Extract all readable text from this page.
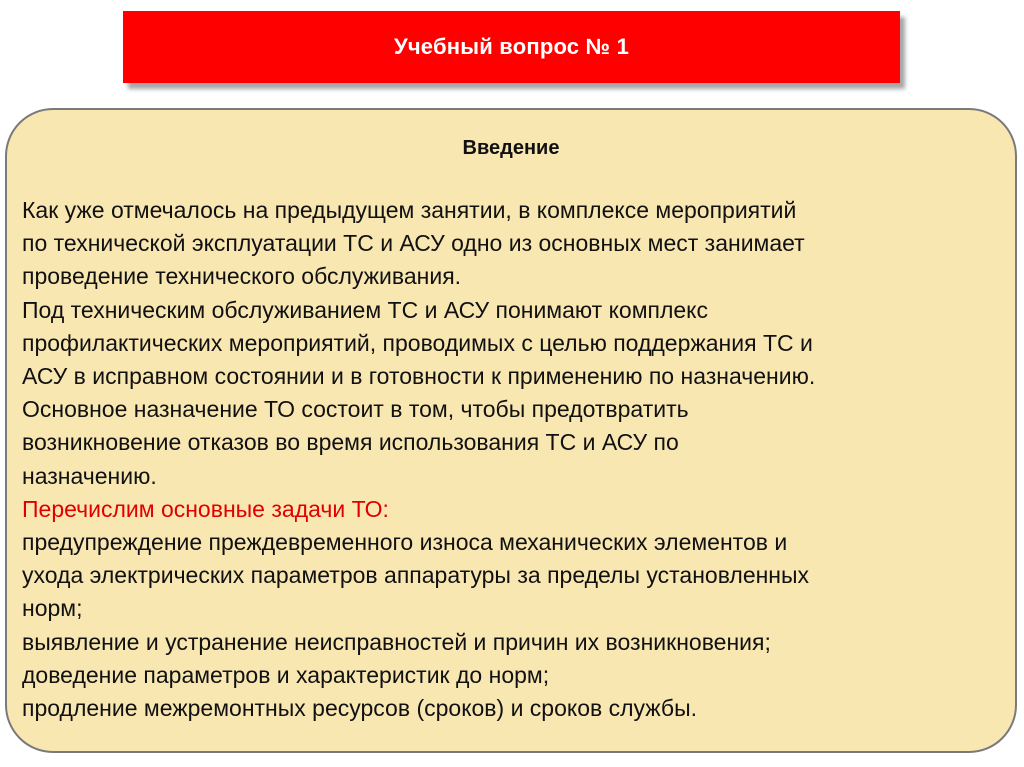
Учебный вопрос № 1
Введение
Как уже отмечалось на предыдущем занятии, в комплексе мероприятий
по технической эксплуатации ТС и АСУ одно из основных мест занимает
проведение технического обслуживания.
Под техническим обслуживанием ТС и АСУ понимают комплекс
профилактических мероприятий, проводимых с целью поддержания ТС и
АСУ в исправном состоянии и в готовности к применению по назначению.
Основное назначение ТО состоит в том, чтобы предотвратить
возникновение отказов во время использования ТС и АСУ по
назначению.
Перечислим основные задачи ТО:
предупреждение преждевременного износа механических элементов и
ухода электрических параметров аппаратуры за пределы установленных
норм;
выявление и устранение неисправностей и причин их возникновения;
доведение параметров и характеристик до норм;
продление межремонтных ресурсов (сроков) и сроков службы.
